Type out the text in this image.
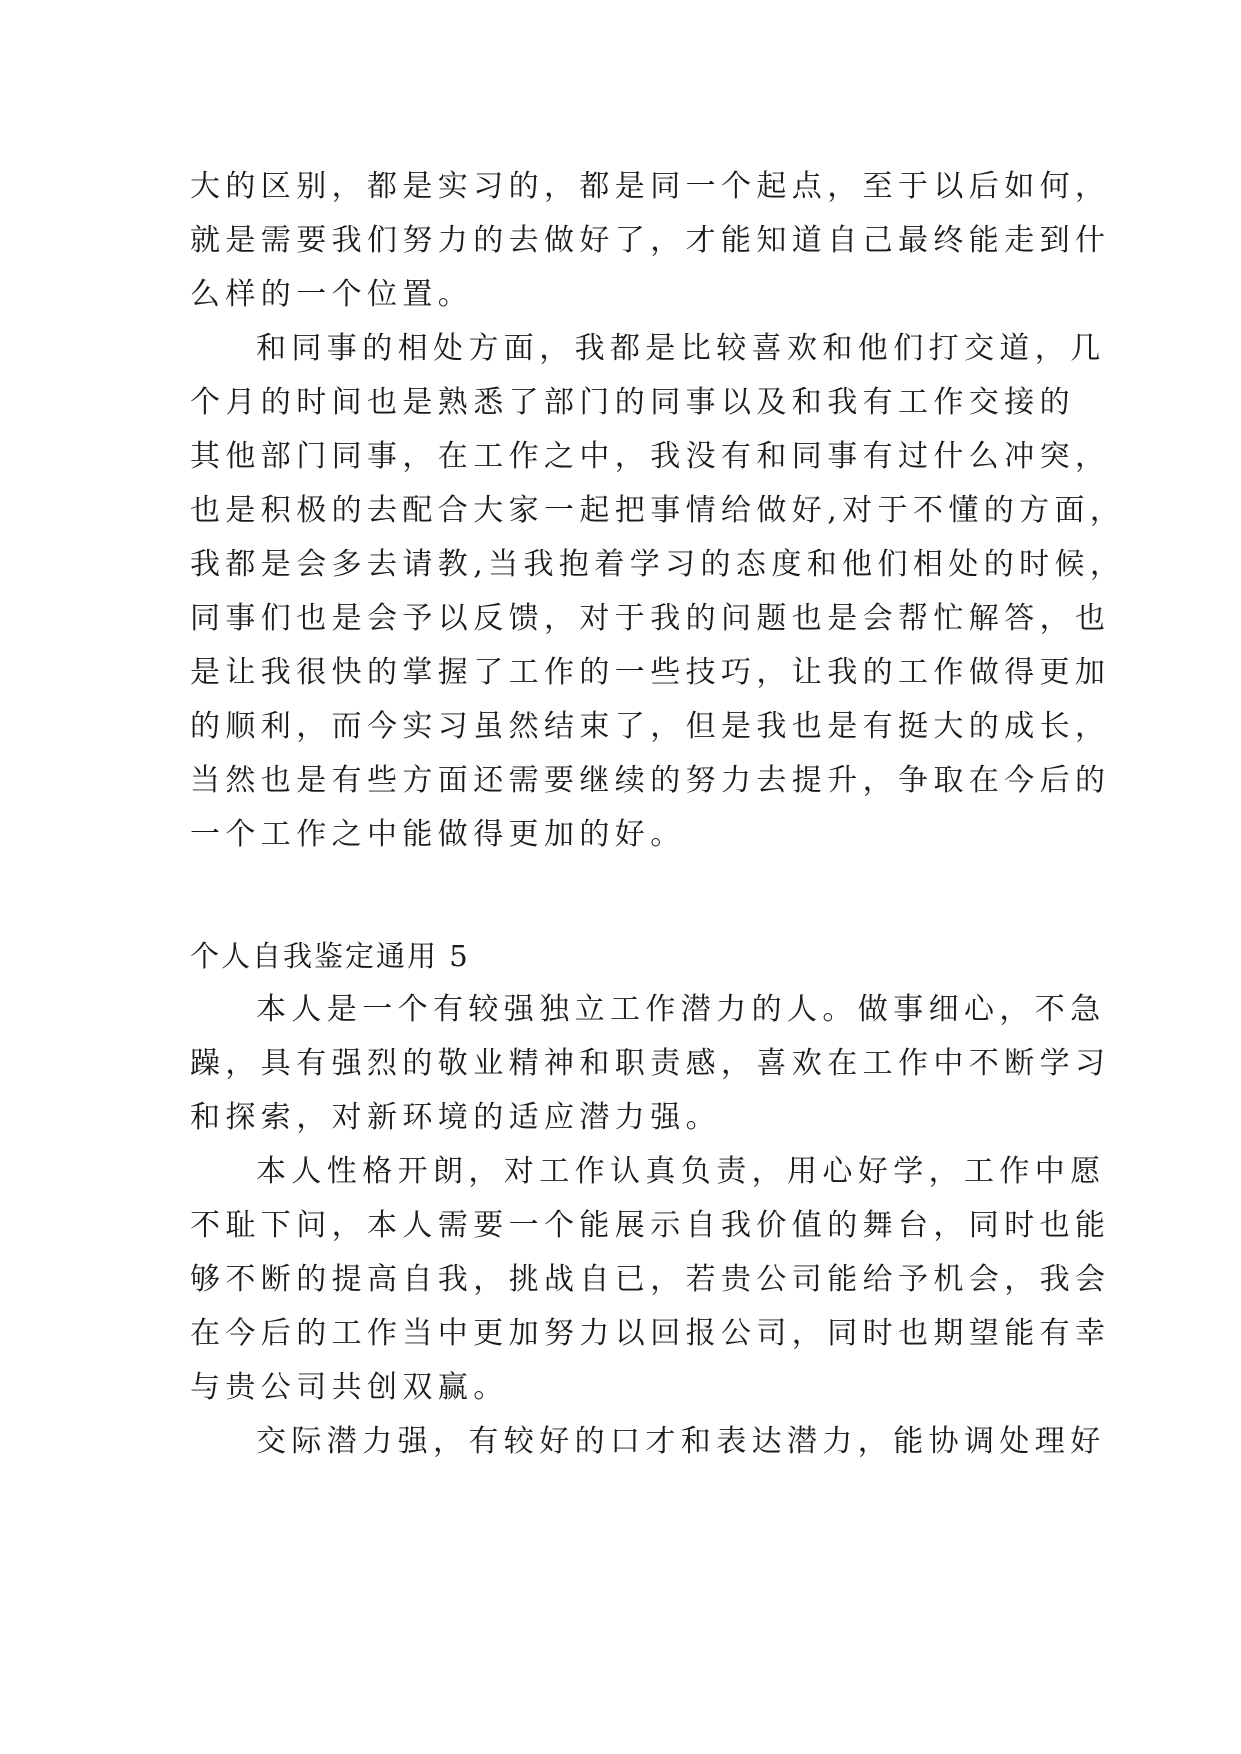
大的区别，都是实习的，都是同一个起点，至于以后如何，
就是需要我们努力的去做好了，才能知道自己最终能走到什
么样的一个位置。
和同事的相处方面，我都是比较喜欢和他们打交道，几
个月的时间也是熟悉了部门的同事以及和我有工作交接的
其他部门同事，在工作之中，我没有和同事有过什么冲突，
也是积极的去配合大家一起把事情给做好,对于不懂的方面，
我都是会多去请教,当我抱着学习的态度和他们相处的时候，
同事们也是会予以反馈，对于我的问题也是会帮忙解答，也
是让我很快的掌握了工作的一些技巧，让我的工作做得更加
的顺利，而今实习虽然结束了，但是我也是有挺大的成长，
当然也是有些方面还需要继续的努力去提升，争取在今后的
一个工作之中能做得更加的好。
个人自我鉴定通用 5
本人是一个有较强独立工作潜力的人。做事细心，不急
躁，具有强烈的敬业精神和职责感，喜欢在工作中不断学习
和探索，对新环境的适应潜力强。
本人性格开朗，对工作认真负责，用心好学，工作中愿
不耻下问，本人需要一个能展示自我价值的舞台，同时也能
够不断的提高自我，挑战自已，若贵公司能给予机会，我会
在今后的工作当中更加努力以回报公司，同时也期望能有幸
与贵公司共创双赢。
交际潜力强，有较好的口才和表达潜力，能协调处理好
